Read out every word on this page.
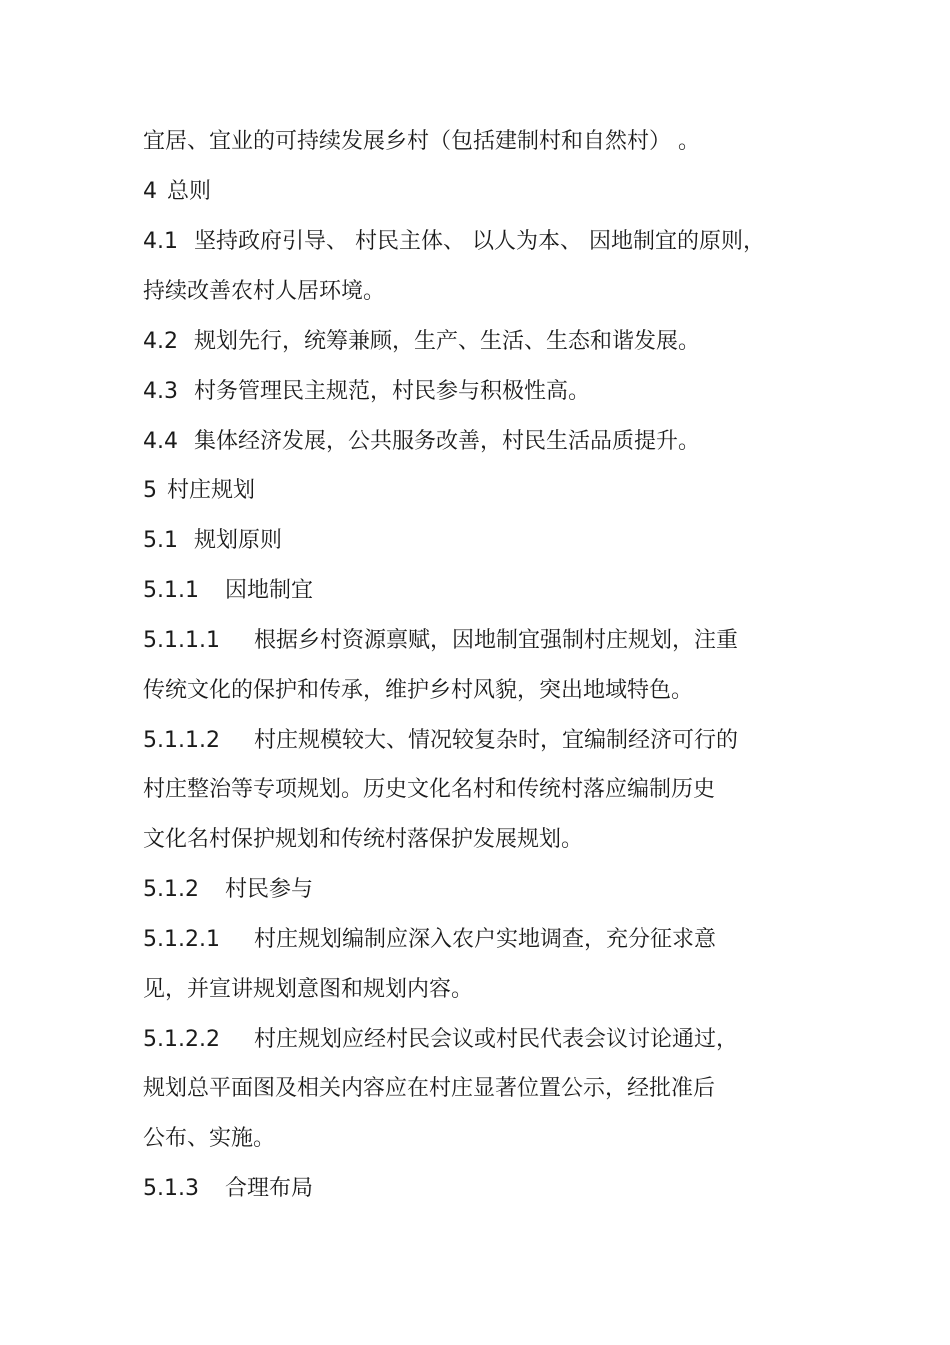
宜居、宜业的可持续发展乡村（包括建制村和自然村） 。
4 总则
4.1 坚持政府引导、 村民主体、 以人为本、 因地制宜的原则，
持续改善农村人居环境。
4.2 规划先行，统筹兼顾，生产、生活、生态和谐发展。
4.3 村务管理民主规范，村民参与积极性高。
4.4 集体经济发展，公共服务改善，村民生活品质提升。
5 村庄规划
5.1 规划原则
5.1.1 因地制宜
5.1.1.1 根据乡村资源禀赋，因地制宜强制村庄规划，注重
传统文化的保护和传承，维护乡村风貌，突出地域特色。
5.1.1.2 村庄规模较大、情况较复杂时，宜编制经济可行的
村庄整治等专项规划。历史文化名村和传统村落应编制历史
文化名村保护规划和传统村落保护发展规划。
5.1.2 村民参与
5.1.2.1 村庄规划编制应深入农户实地调查，充分征求意
见，并宣讲规划意图和规划内容。
5.1.2.2 村庄规划应经村民会议或村民代表会议讨论通过，
规划总平面图及相关内容应在村庄显著位置公示，经批准后
公布、实施。
5.1.3 合理布局
